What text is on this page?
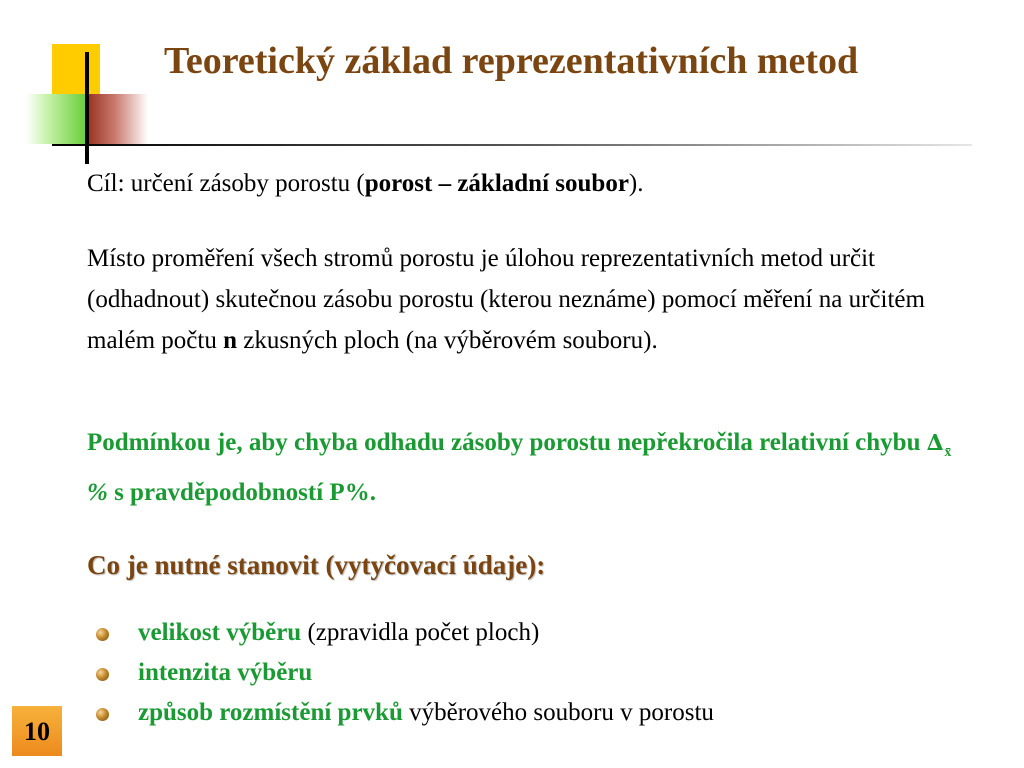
Teoretický základ reprezentativních metod

Cíl: určení zásoby porostu (porost – základní soubor).

Místo proměření všech stromů porostu je úlohou reprezentativních metod určit (odhadnout) skutečnou zásobu porostu (kterou neznáme) pomocí měření na určitém malém počtu n zkusných ploch (na výběrovém souboru).

Podmínkou je, aby chyba odhadu zásoby porostu nepřekročila relativní chybu $\Delta_{x̄}$ % s pravděpodobností P%.

Co je nutné stanovit (vytyčovací údaje):
velikost výběru (zpravidla počet ploch)
intenzita výběru
způsob rozmístění prvků výběrového souboru v porostu
10
